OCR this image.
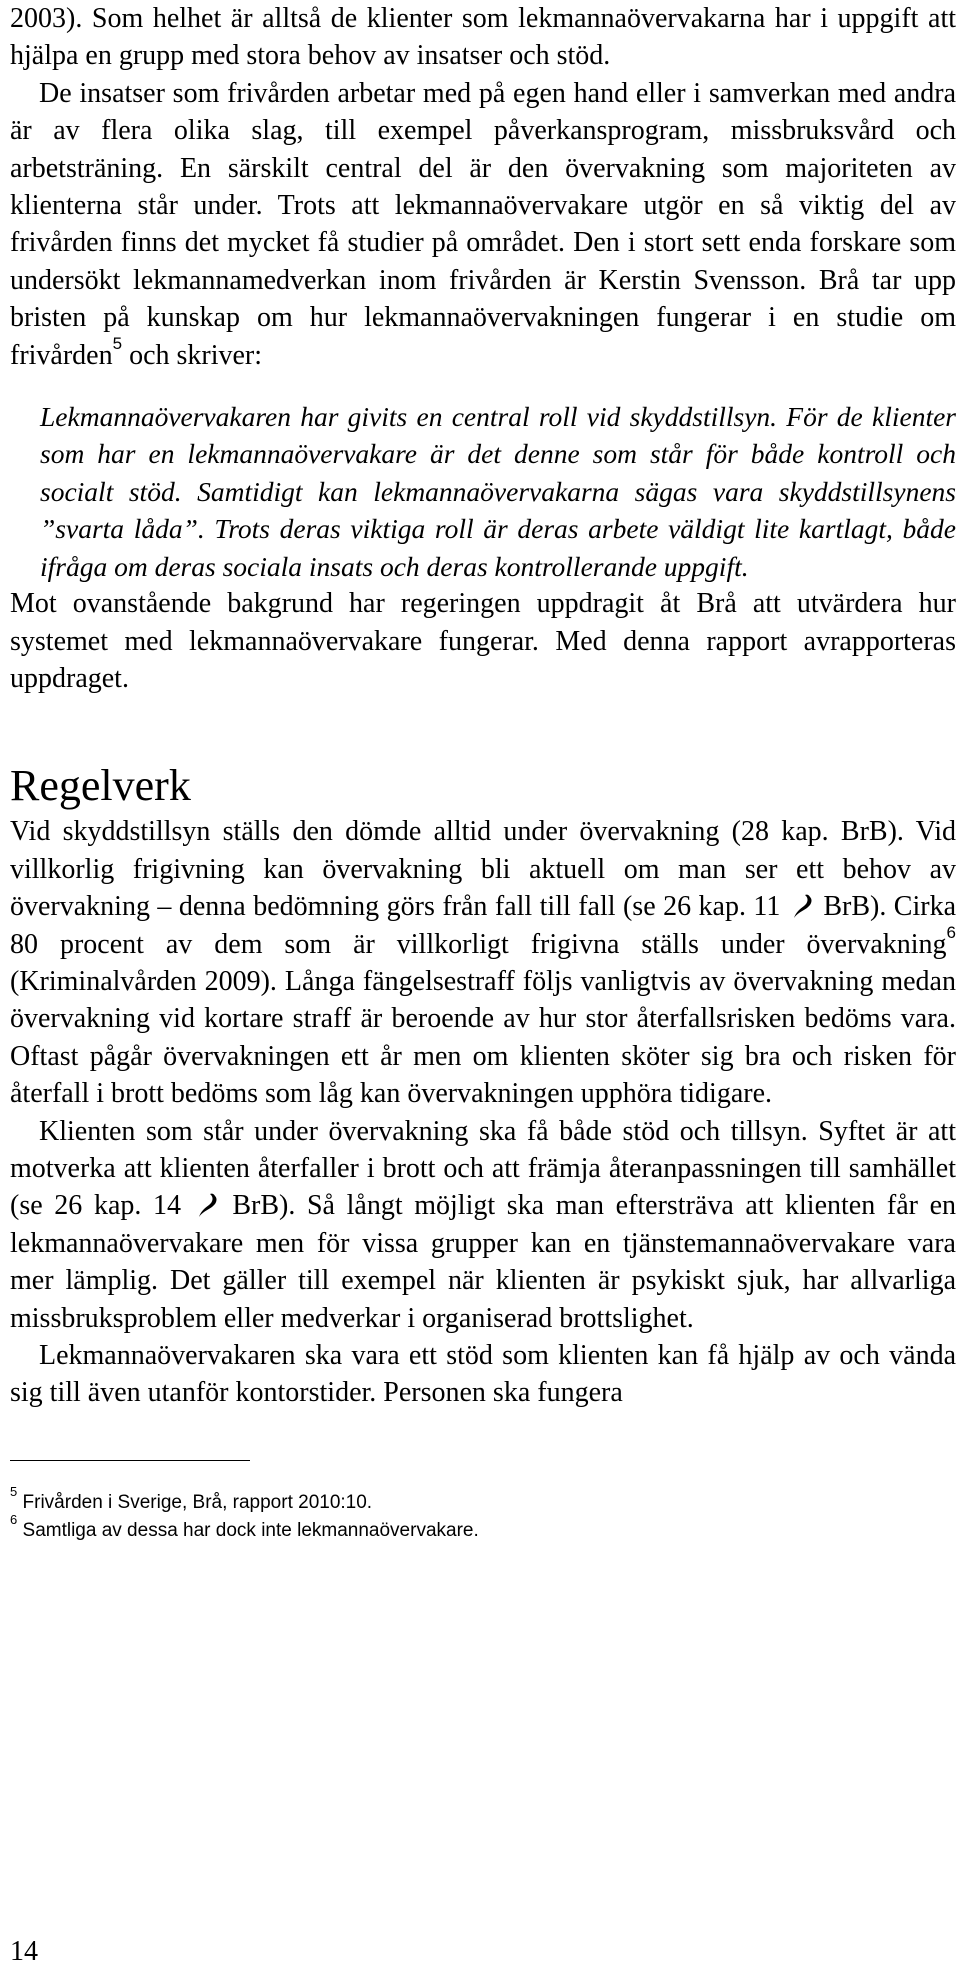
2003). Som helhet är alltså de klienter som lekmannaövervakarna har i uppgift att hjälpa en grupp med stora behov av insatser och stöd.

De insatser som frivården arbetar med på egen hand eller i samverkan med andra är av flera olika slag, till exempel påverkansprogram, missbruksvård och arbetsträning. En särskilt central del är den övervakning som majoriteten av klienterna står under. Trots att lekmannaövervakare utgör en så viktig del av frivården finns det mycket få studier på området. Den i stort sett enda forskare som undersökt lekmannamedverkan inom frivården är Kerstin Svensson. Brå tar upp bristen på kunskap om hur lekmannaövervakningen fungerar i en studie om frivården$^5$ och skriver:

Lekmannaövervakaren har givits en central roll vid skyddstillsyn. För de klienter som har en lekmannaövervakare är det denne som står för både kontroll och socialt stöd. Samtidigt kan lekmannaövervakarna sägas vara skyddstillsynens ”svarta låda”. Trots deras viktiga roll är deras arbete väldigt lite kartlagt, både ifråga om deras sociala insats och deras kontrollerande uppgift.

Mot ovanstående bakgrund har regeringen uppdragit åt Brå att utvärdera hur systemet med lekmannaövervakare fungerar. Med denna rapport avrapporteras uppdraget.

Regelverk

Vid skyddstillsyn ställs den dömde alltid under övervakning (28 kap. BrB). Vid villkorlig frigivning kan övervakning bli aktuell om man ser ett behov av övervakning – denna bedömning görs från fall till fall (se 26 kap. 11 BrB). Cirka 80 procent av dem som är villkorligt frigivna ställs under övervakning$^6$ (Kriminalvården 2009). Långa fängelsestraff följs vanligtvis av övervakning medan övervakning vid kortare straff är beroende av hur stor återfallsrisken bedöms vara. Oftast pågår övervakningen ett år men om klienten sköter sig bra och risken för återfall i brott bedöms som låg kan övervakningen upphöra tidigare.

Klienten som står under övervakning ska få både stöd och tillsyn. Syftet är att motverka att klienten återfaller i brott och att främja återanpassningen till samhället (se 26 kap. 14 BrB). Så långt möjligt ska man eftersträva att klienten får en lekmannaövervakare men för vissa grupper kan en tjänstemannaövervakare vara mer lämplig. Det gäller till exempel när klienten är psykiskt sjuk, har allvarliga missbruksproblem eller medverkar i organiserad brottslighet.

Lekmannaövervakaren ska vara ett stöd som klienten kan få hjälp av och vända sig till även utanför kontorstider. Personen ska fungera

$^5$ Frivården i Sverige, Brå, rapport 2010:10.
$^6$ Samtliga av dessa har dock inte lekmannaövervakare.
14
